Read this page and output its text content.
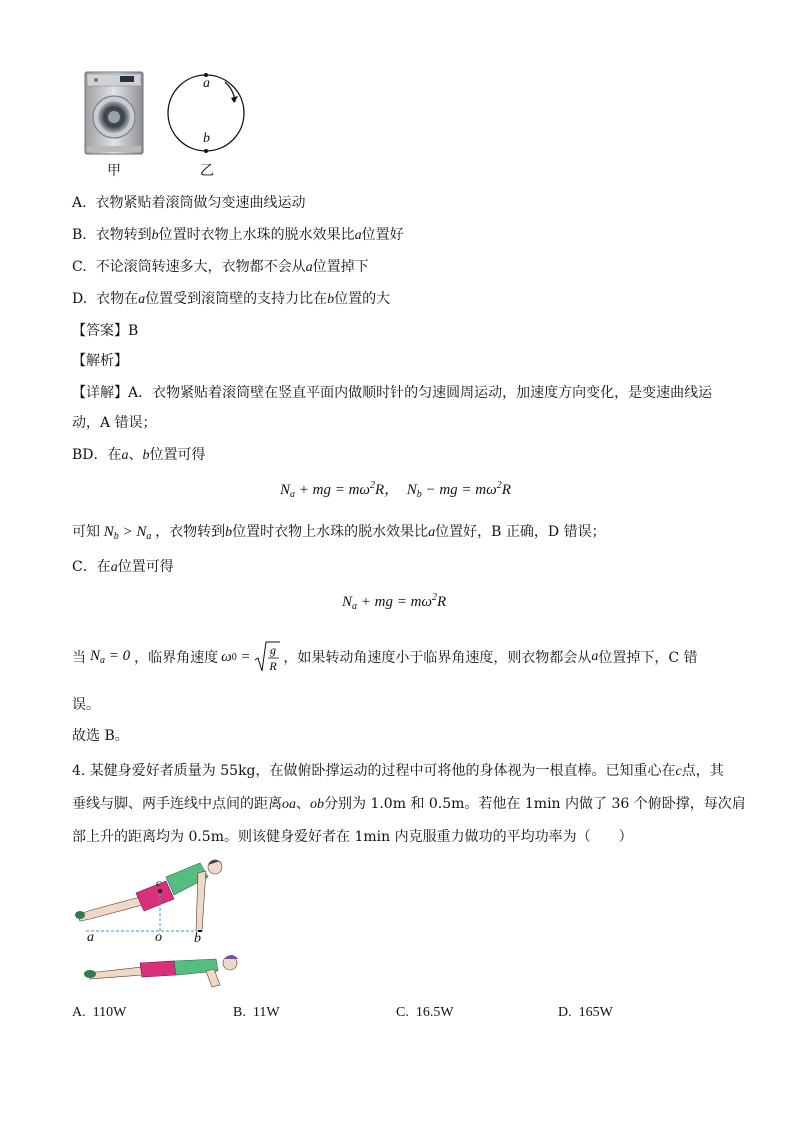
甲
a
b
乙
A. 衣物紧贴着滚筒做匀变速曲线运动
B. 衣物转到b位置时衣物上水珠的脱水效果比a位置好
C. 不论滚筒转速多大，衣物都不会从a位置掉下
D. 衣物在a位置受到滚筒壁的支持力比在b位置的大
【答案】B
【解析】
【详解】A．衣物紧贴着滚筒壁在竖直平面内做顺时针的匀速圆周运动，加速度方向变化，是变速曲线运
动，A 错误；
BD．在a、b位置可得
$N_a$ + mg = $m\omega^2R$， $N_b$ − mg = $m\omega^2R$
可知 $N_b > N_a$ ，衣物转到b位置时衣物上水珠的脱水效果比a位置好，B 正确，D 错误；
C．在a位置可得
$N_a$ + mg = $m\omega^2R$
当 $N_a = 0$ ，临界角速度 ω 0 = g
R ，如果转动角速度小于临界角速度，则衣物都会从 a 位置掉下，C 错
误。
故选 B。
4. 某健身爱好者质量为 55kg，在做俯卧撑运动的过程中可将他的身体视为一根直棒。已知重心在c点，其
垂线与脚、两手连线中点间的距离oa、ob分别为 1.0m 和 0.5m。若他在 1min 内做了 36 个俯卧撑，每次肩
部上升的距离均为 0.5m。则该健身爱好者在 1min 内克服重力做功的平均功率为（　　）
c
a	o b
A. 110W	B. 11W	C. 16.5W	D. 165W
